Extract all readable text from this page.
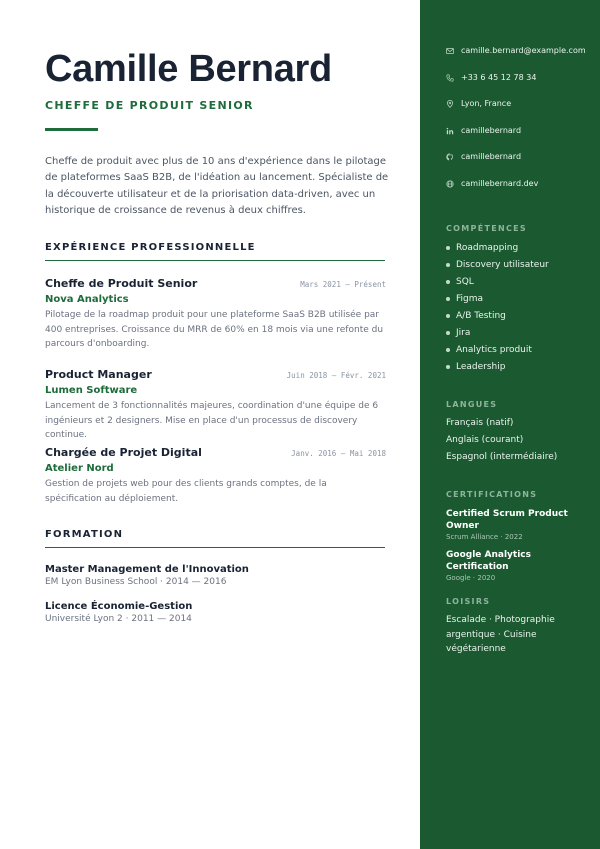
Camille Bernard
CHEFFE DE PRODUIT SENIOR
Cheffe de produit avec plus de 10 ans d'expérience dans le pilotage de plateformes SaaS B2B, de l'idéation au lancement. Spécialiste de la découverte utilisateur et de la priorisation data-driven, avec un historique de croissance de revenus à deux chiffres.
EXPÉRIENCE PROFESSIONNELLE
Cheffe de Produit Senior	Mars 2021 — Présent
Nova Analytics
Pilotage de la roadmap produit pour une plateforme SaaS B2B utilisée par 400 entreprises. Croissance du MRR de 60% en 18 mois via une refonte du parcours d'onboarding.
Product Manager	Juin 2018 — Févr. 2021
Lumen Software
Lancement de 3 fonctionnalités majeures, coordination d'une équipe de 6 ingénieurs et 2 designers. Mise en place d'un processus de discovery continue.
Chargée de Projet Digital	Janv. 2016 — Mai 2018
Atelier Nord
Gestion de projets web pour des clients grands comptes, de la spécification au déploiement.
FORMATION
Master Management de l'Innovation
EM Lyon Business School · 2014 — 2016
Licence Économie-Gestion
Université Lyon 2 · 2011 — 2014
camille.bernard@example.com
+33 6 45 12 78 34
Lyon, France
camillebernard
camillebernard
camillebernard.dev
COMPÉTENCES
Roadmapping
Discovery utilisateur
SQL
Figma
A/B Testing
Jira
Analytics produit
Leadership
LANGUES
Français (natif)
Anglais (courant)
Espagnol (intermédiaire)
CERTIFICATIONS
Certified Scrum Product Owner
Scrum Alliance · 2022
Google Analytics Certification
Google · 2020
LOISIRS
Escalade · Photographie argentique · Cuisine végétarienne
